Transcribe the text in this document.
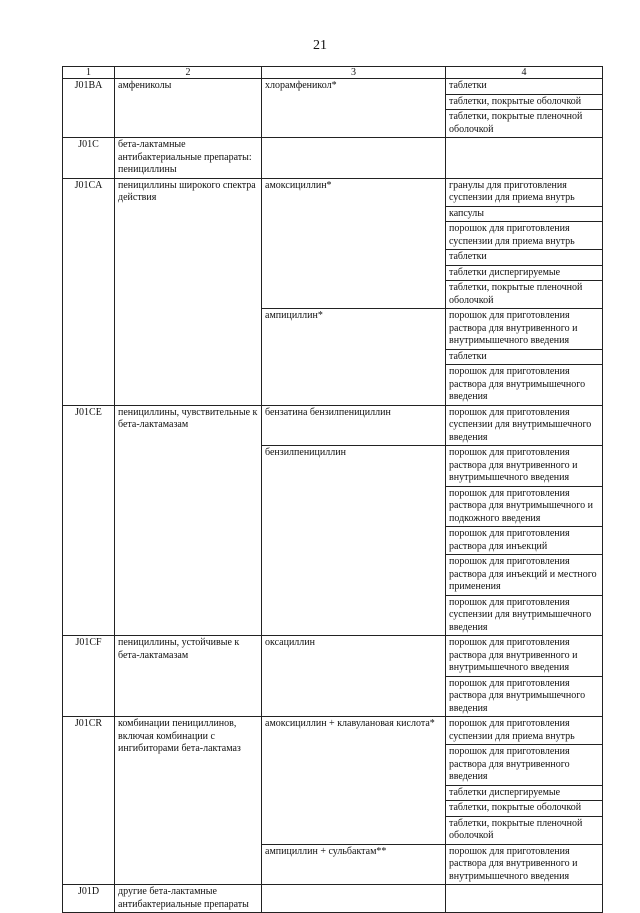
21
1	2	3	4
J01BA	амфениколы	хлорамфеникол*	таблетки
			таблетки, покрытые оболочкой
			таблетки, покрытые пленочной оболочкой
J01C	бета-лактамные антибактериальные препараты: пенициллины		
J01CA	пенициллины широкого спектра действия	амоксициллин*	гранулы для приготовления суспензии для приема внутрь
			капсулы
			порошок для приготовления суспензии для приема внутрь
			таблетки
			таблетки диспергируемые
			таблетки, покрытые пленочной оболочкой
		ампициллин*	порошок для приготовления раствора для внутривенного и внутримышечного введения
			таблетки
			порошок для приготовления раствора для внутримышечного введения
J01CE	пенициллины, чувствительные к бета-лактамазам	бензатина бензилпенициллин	порошок для приготовления суспензии для внутримышечного введения
		бензилпенициллин	порошок для приготовления раствора для внутривенного и внутримышечного введения
			порошок для приготовления раствора для внутримышечного и подкожного введения
			порошок для приготовления раствора для инъекций
			порошок для приготовления раствора для инъекций и местного применения
			порошок для приготовления суспензии для внутримышечного введения
J01CF	пенициллины, устойчивые к бета-лактамазам	оксациллин	порошок для приготовления раствора для внутривенного и внутримышечного введения
			порошок для приготовления раствора для внутримышечного введения
J01CR	комбинации пенициллинов, включая комбинации с ингибиторами бета-лактамаз	амоксициллин + клавулановая кислота*	порошок для приготовления суспензии для приема внутрь
			порошок для приготовления раствора для внутривенного введения
			таблетки диспергируемые
			таблетки, покрытые оболочкой
			таблетки, покрытые пленочной оболочкой
		ампициллин + сульбактам**	порошок для приготовления раствора для внутривенного и внутримышечного введения
J01D	другие бета-лактамные антибактериальные препараты		
